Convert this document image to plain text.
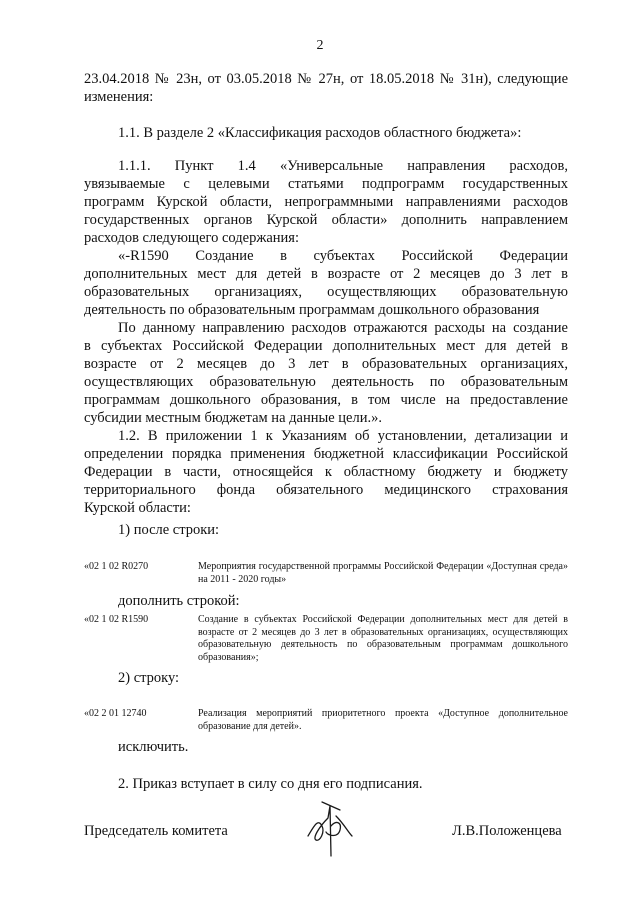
2
23.04.2018 № 23н, от 03.05.2018 № 27н, от 18.05.2018 № 31н), следующие
изменения:
1.1. В разделе 2 «Классификация расходов областного бюджета»:
1.1.1. Пункт 1.4 «Универсальные направления расходов,
увязываемые с целевыми статьями подпрограмм государственных
программ Курской области, непрограммными направлениями расходов
государственных органов Курской области» дополнить направлением
расходов следующего содержания:
«-R1590 Создание в субъектах Российской Федерации
дополнительных мест для детей в возрасте от 2 месяцев до 3 лет в
образовательных организациях, осуществляющих образовательную
деятельность по образовательным программам дошкольного образования
По данному направлению расходов отражаются расходы на создание
в субъектах Российской Федерации дополнительных мест для детей в
возрасте от 2 месяцев до 3 лет в образовательных организациях,
осуществляющих образовательную деятельность по образовательным
программам дошкольного образования, в том числе на предоставление
субсидии местным бюджетам на данные цели.».
1.2. В приложении 1 к Указаниям об установлении, детализации и
определении порядка применения бюджетной классификации Российской
Федерации в части, относящейся к областному бюджету и бюджету
территориального фонда обязательного медицинского страхования
Курской области:
1) после строки:
«02 1 02 R0270	Мероприятия государственной программы Российской Федерации «Доступная среда» на 2011 - 2020 годы»
дополнить строкой:
«02 1 02 R1590	Создание в субъектах Российской Федерации дополнительных мест для детей в возрасте от 2 месяцев до 3 лет в образовательных организациях, осуществляющих образовательную деятельность по образовательным программам дошкольного образования»;
2) строку:
«02 2 01 12740	Реализация мероприятий приоритетного проекта «Доступное дополнительное образование для детей».
исключить.
2. Приказ вступает в силу со дня его подписания.
Председатель комитета	Л.В.Положенцева
